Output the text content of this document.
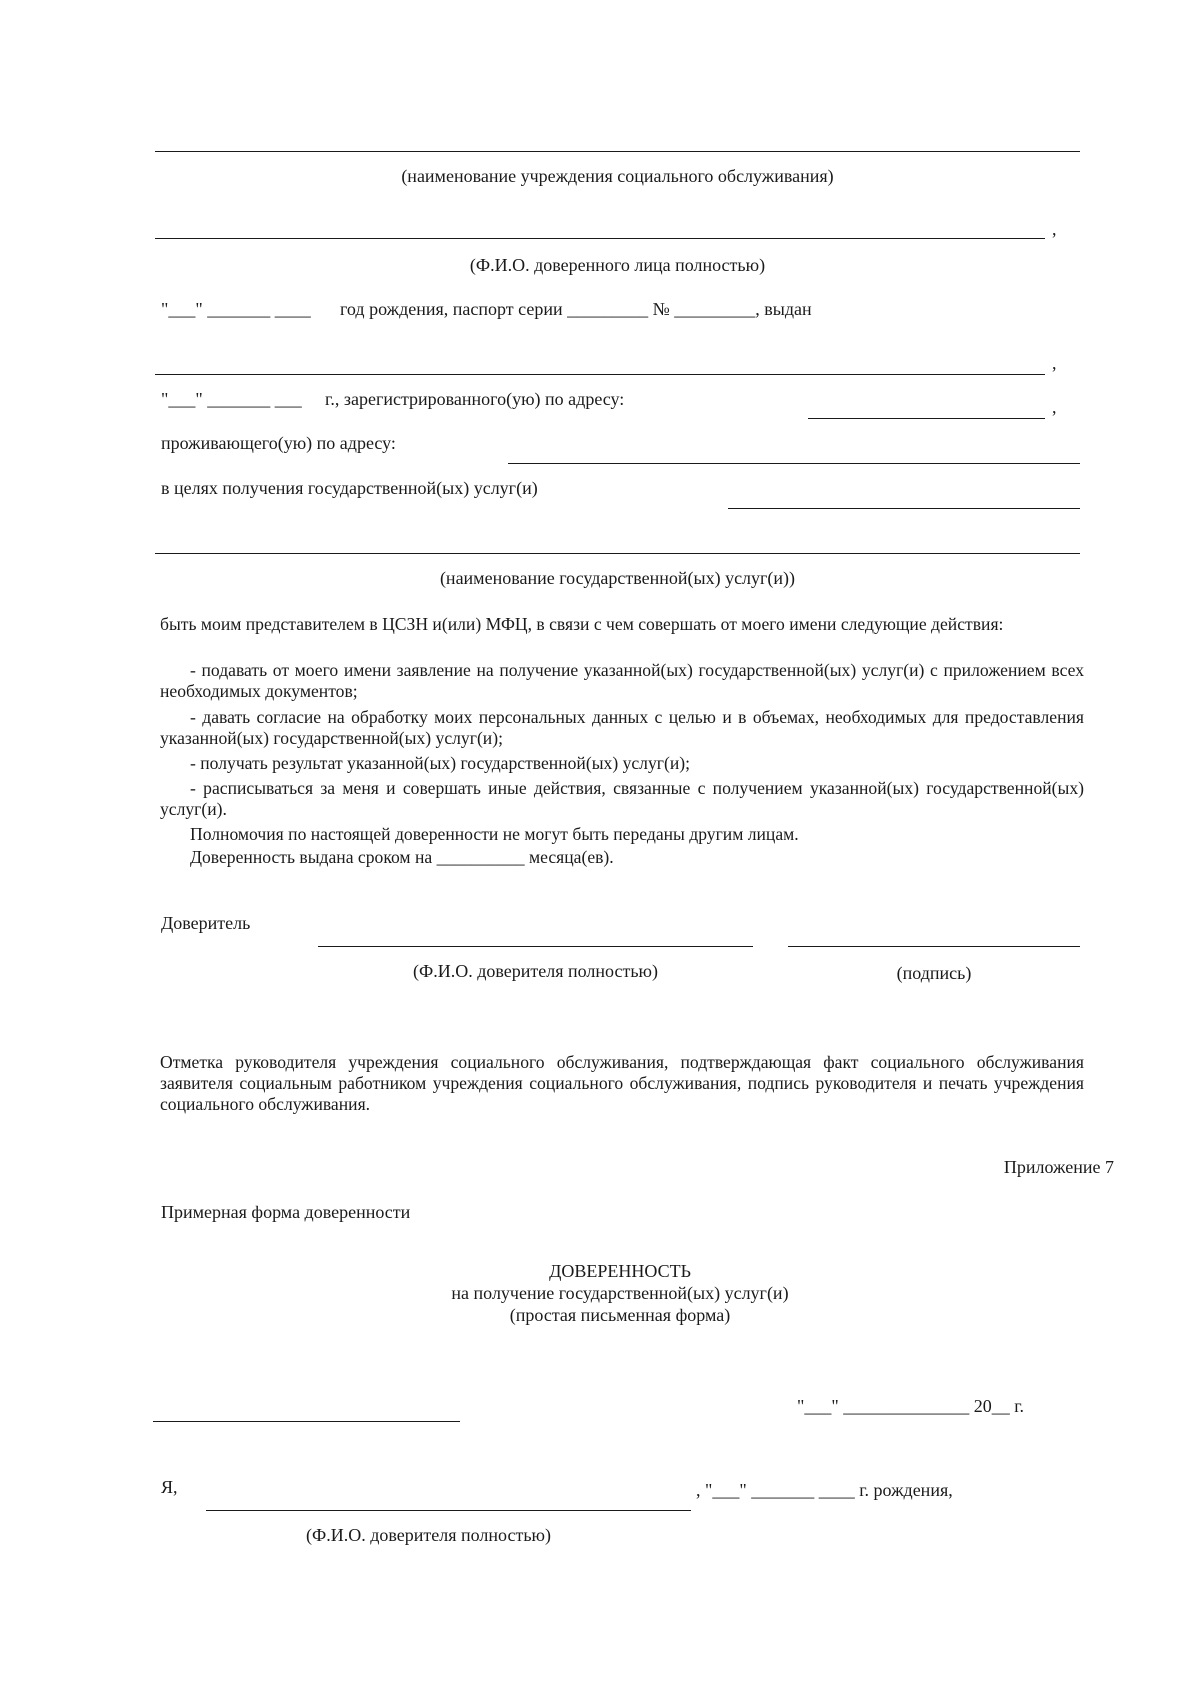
(наименование учреждения социального обслуживания)
,
(Ф.И.О. доверенного лица полностью)
"___" _______ ____ год рождения, паспорт серии _________ № _________, выдан
,
"___" _______ ___ г., зарегистрированного(ую) по адресу:	,
проживающего(ую) по адресу:
в целях получения государственной(ых) услуг(и)
(наименование государственной(ых) услуг(и))
быть моим представителем в ЦСЗН и(или) МФЦ, в связи с чем совершать от моего имени следующие действия:
- подавать от моего имени заявление на получение указанной(ых) государственной(ых) услуг(и) с приложением всех необходимых документов;
- давать согласие на обработку моих персональных данных с целью и в объемах, необходимых для предоставления указанной(ых) государственной(ых) услуг(и);
- получать результат указанной(ых) государственной(ых) услуг(и);
- расписываться за меня и совершать иные действия, связанные с получением указанной(ых) государственной(ых) услуг(и).
Полномочия по настоящей доверенности не могут быть переданы другим лицам.
Доверенность выдана сроком на __________ месяца(ев).
Доверитель
(Ф.И.О. доверителя полностью)	(подпись)
Отметка руководителя учреждения социального обслуживания, подтверждающая факт социального обслуживания заявителя социальным работником учреждения социального обслуживания, подпись руководителя и печать учреждения социального обслуживания.
Приложение 7
Примерная форма доверенности
ДОВЕРЕННОСТЬ
на получение государственной(ых) услуг(и)
(простая письменная форма)
"___" ______________ 20__ г.
Я,	, "___" _______ ____ г. рождения,
(Ф.И.О. доверителя полностью)
